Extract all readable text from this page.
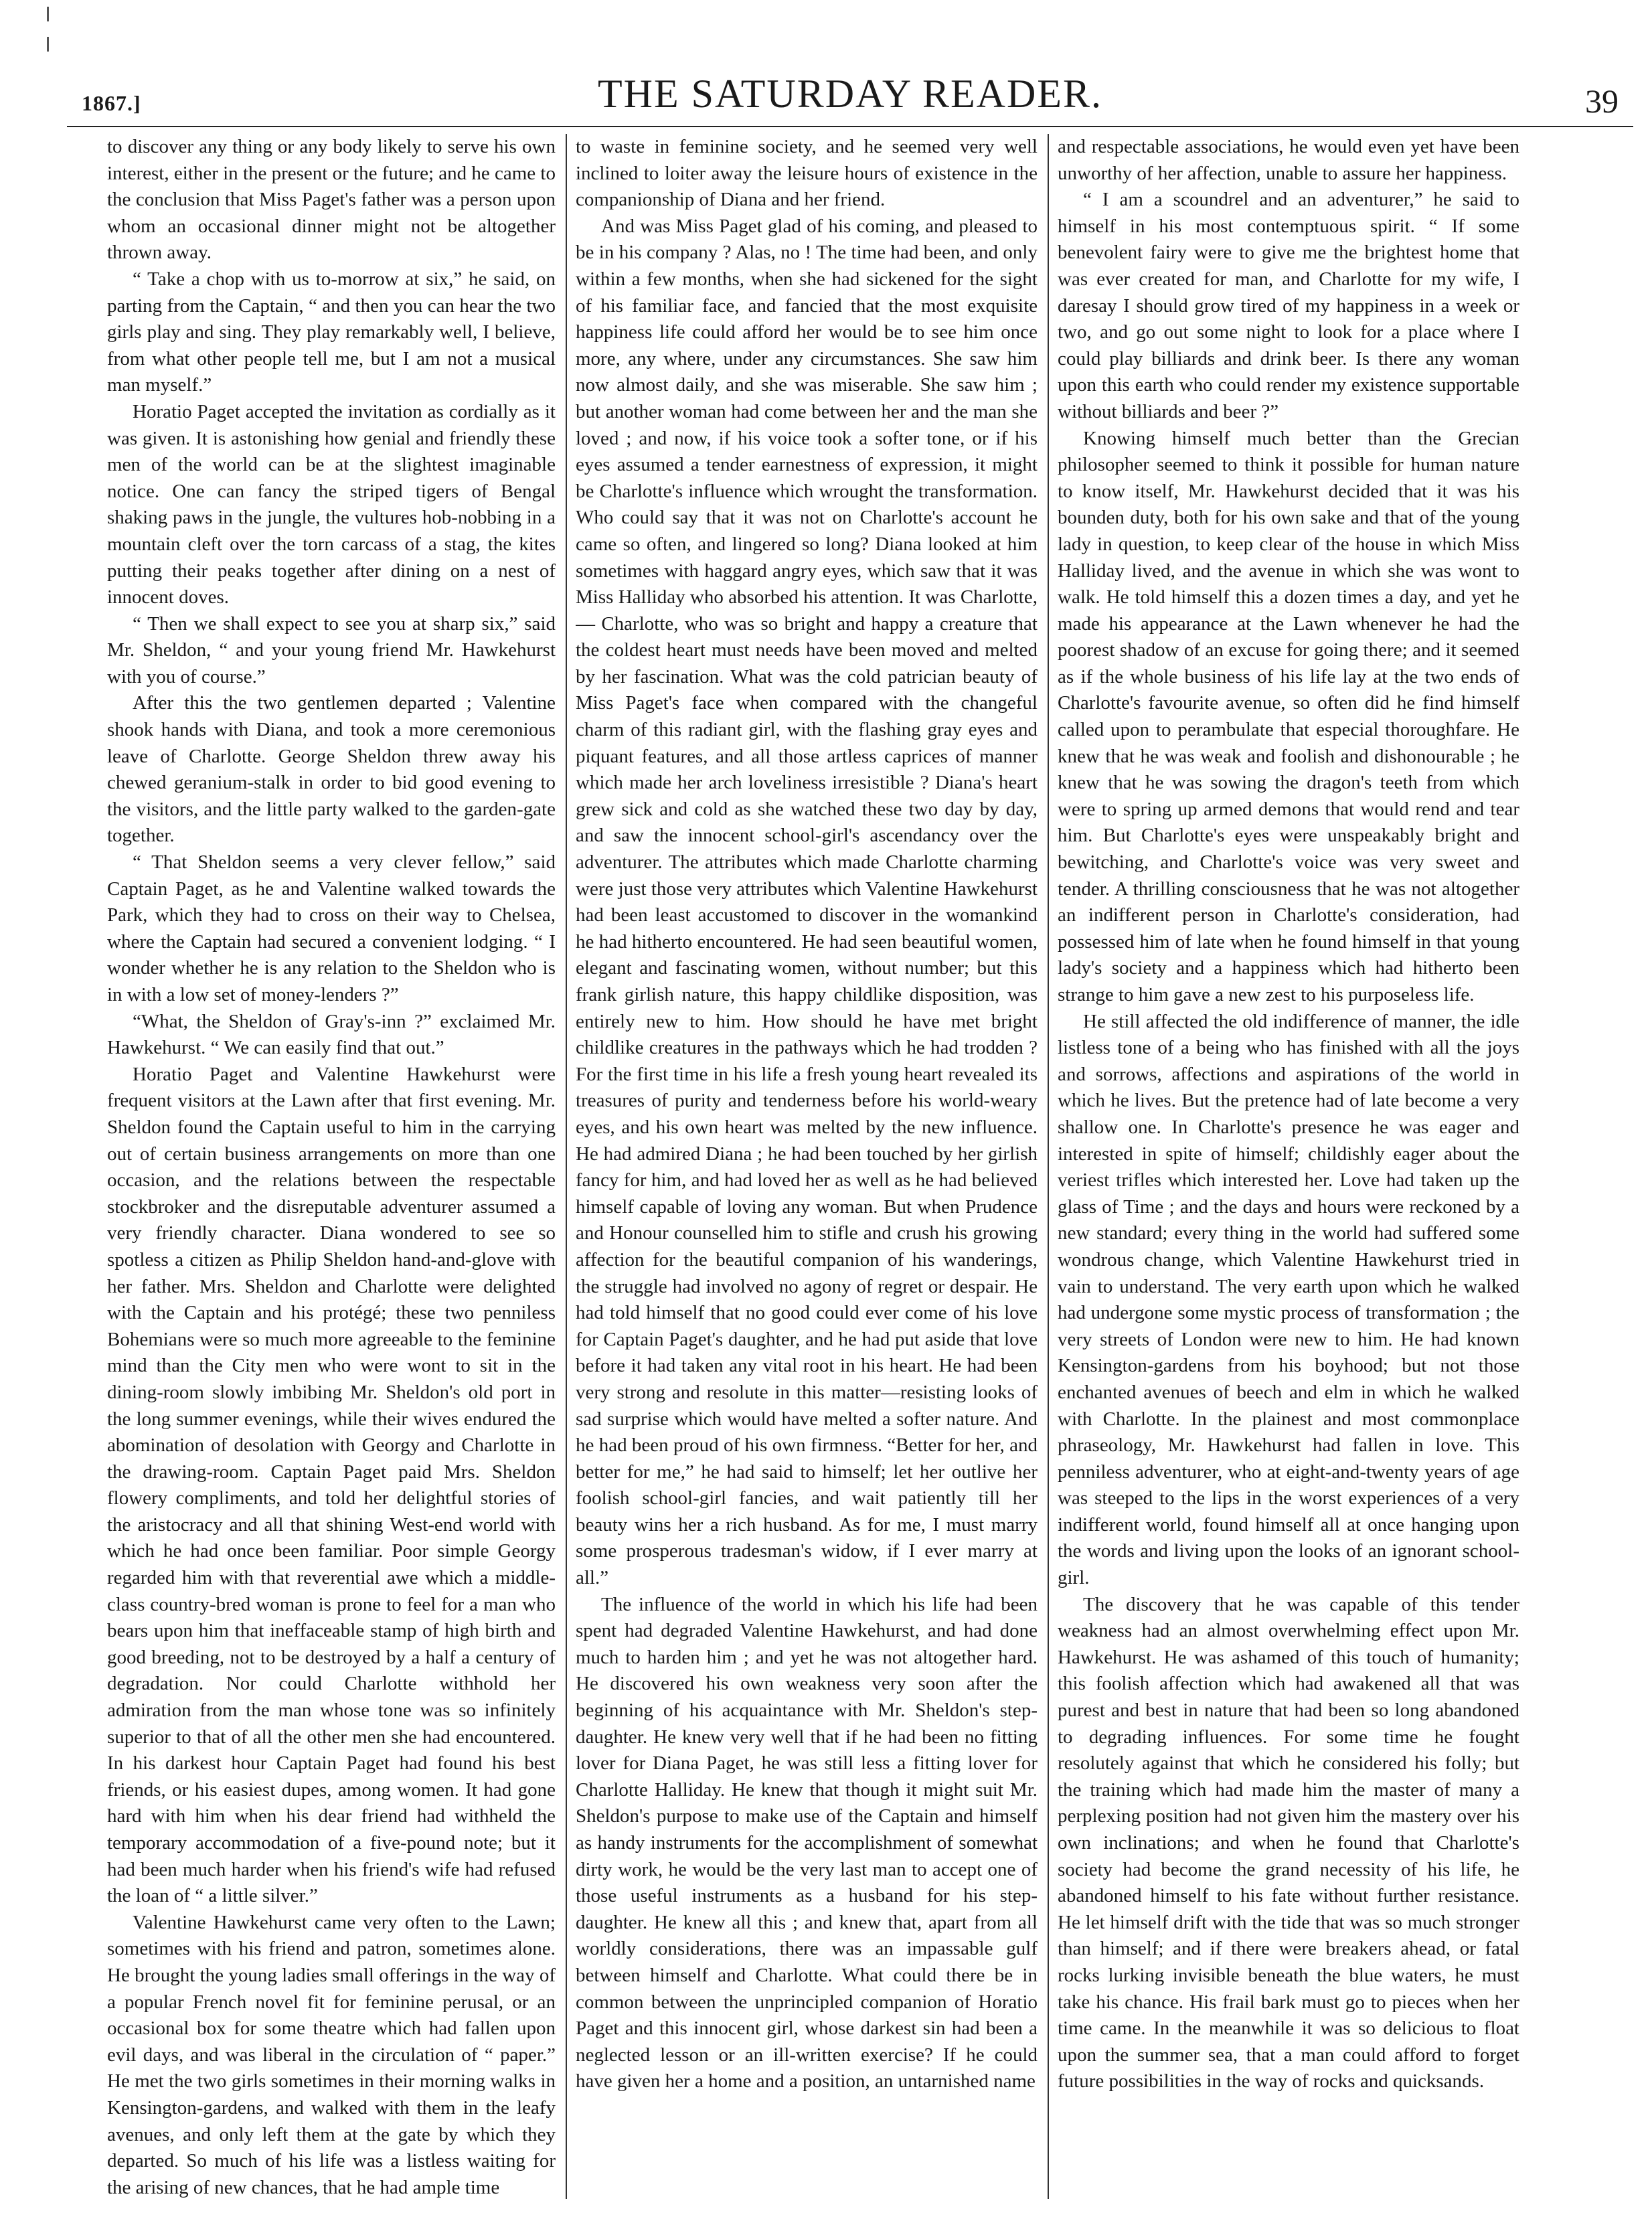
1867.]	THE SATURDAY READER.	39

to discover any thing or any body likely to serve his own interest, either in the present or the future; and he came to the conclusion that Miss Paget's father was a person upon whom an occasional dinner might not be altogether thrown away.

“ Take a chop with us to-morrow at six,” he said, on parting from the Captain, “ and then you can hear the two girls play and sing. They play remarkably well, I believe, from what other people tell me, but I am not a musical man myself.”

Horatio Paget accepted the invitation as cordially as it was given. It is astonishing how genial and friendly these men of the world can be at the slightest imaginable notice. One can fancy the striped tigers of Bengal shaking paws in the jungle, the vultures hob-nobbing in a mountain cleft over the torn carcass of a stag, the kites putting their peaks together after dining on a nest of innocent doves.

“ Then we shall expect to see you at sharp six,” said Mr. Sheldon, “ and your young friend Mr. Hawkehurst with you of course.”

After this the two gentlemen departed ; Valentine shook hands with Diana, and took a more ceremonious leave of Charlotte. George Sheldon threw away his chewed geranium-stalk in order to bid good evening to the visitors, and the little party walked to the garden-gate together.

“ That Sheldon seems a very clever fellow,” said Captain Paget, as he and Valentine walked towards the Park, which they had to cross on their way to Chelsea, where the Captain had secured a convenient lodging. “ I wonder whether he is any relation to the Sheldon who is in with a low set of money-lenders ?”

“What, the Sheldon of Gray's-inn ?” exclaimed Mr. Hawkehurst. “ We can easily find that out.”

Horatio Paget and Valentine Hawkehurst were frequent visitors at the Lawn after that first evening. Mr. Sheldon found the Captain useful to him in the carrying out of certain business arrangements on more than one occasion, and the relations between the respectable stockbroker and the disreputable adventurer assumed a very friendly character. Diana wondered to see so spotless a citizen as Philip Sheldon hand-and-glove with her father. Mrs. Sheldon and Charlotte were delighted with the Captain and his protégé; these two penniless Bohemians were so much more agreeable to the feminine mind than the City men who were wont to sit in the dining-room slowly imbibing Mr. Sheldon's old port in the long summer evenings, while their wives endured the abomination of desolation with Georgy and Charlotte in the drawing-room. Captain Paget paid Mrs. Sheldon flowery compliments, and told her delightful stories of the aristocracy and all that shining West-end world with which he had once been familiar. Poor simple Georgy regarded him with that reverential awe which a middle-class country-bred woman is prone to feel for a man who bears upon him that ineffaceable stamp of high birth and good breeding, not to be destroyed by a half a century of degradation. Nor could Charlotte withhold her admiration from the man whose tone was so infinitely superior to that of all the other men she had encountered. In his darkest hour Captain Paget had found his best friends, or his easiest dupes, among women. It had gone hard with him when his dear friend had withheld the temporary accommodation of a five-pound note; but it had been much harder when his friend's wife had refused the loan of “ a little silver.”

Valentine Hawkehurst came very often to the Lawn; sometimes with his friend and patron, sometimes alone. He brought the young ladies small offerings in the way of a popular French novel fit for feminine perusal, or an occasional box for some theatre which had fallen upon evil days, and was liberal in the circulation of “ paper.” He met the two girls sometimes in their morning walks in Kensington-gardens, and walked with them in the leafy avenues, and only left them at the gate by which they departed. So much of his life was a listless waiting for the arising of new chances, that he had ample time

to waste in feminine society, and he seemed very well inclined to loiter away the leisure hours of existence in the companionship of Diana and her friend.

And was Miss Paget glad of his coming, and pleased to be in his company ? Alas, no ! The time had been, and only within a few months, when she had sickened for the sight of his familiar face, and fancied that the most exquisite happiness life could afford her would be to see him once more, any where, under any circumstances. She saw him now almost daily, and she was miserable. She saw him ; but another woman had come between her and the man she loved ; and now, if his voice took a softer tone, or if his eyes assumed a tender earnestness of expression, it might be Charlotte's influence which wrought the transformation. Who could say that it was not on Charlotte's account he came so often, and lingered so long? Diana looked at him sometimes with haggard angry eyes, which saw that it was Miss Halliday who absorbed his attention. It was Charlotte,— Charlotte, who was so bright and happy a creature that the coldest heart must needs have been moved and melted by her fascination. What was the cold patrician beauty of Miss Paget's face when compared with the changeful charm of this radiant girl, with the flashing gray eyes and piquant features, and all those artless caprices of manner which made her arch loveliness irresistible ? Diana's heart grew sick and cold as she watched these two day by day, and saw the innocent school-girl's ascendancy over the adventurer. The attributes which made Charlotte charming were just those very attributes which Valentine Hawkehurst had been least accustomed to discover in the womankind he had hitherto encountered. He had seen beautiful women, elegant and fascinating women, without number; but this frank girlish nature, this happy childlike disposition, was entirely new to him. How should he have met bright childlike creatures in the pathways which he had trodden ? For the first time in his life a fresh young heart revealed its treasures of purity and tenderness before his world-weary eyes, and his own heart was melted by the new influence. He had admired Diana ; he had been touched by her girlish fancy for him, and had loved her as well as he had believed himself capable of loving any woman. But when Prudence and Honour counselled him to stifle and crush his growing affection for the beautiful companion of his wanderings, the struggle had involved no agony of regret or despair. He had told himself that no good could ever come of his love for Captain Paget's daughter, and he had put aside that love before it had taken any vital root in his heart. He had been very strong and resolute in this matter—resisting looks of sad surprise which would have melted a softer nature. And he had been proud of his own firmness. “Better for her, and better for me,” he had said to himself; let her outlive her foolish school-girl fancies, and wait patiently till her beauty wins her a rich husband. As for me, I must marry some prosperous tradesman's widow, if I ever marry at all.”

The influence of the world in which his life had been spent had degraded Valentine Hawkehurst, and had done much to harden him ; and yet he was not altogether hard. He discovered his own weakness very soon after the beginning of his acquaintance with Mr. Sheldon's step-daughter. He knew very well that if he had been no fitting lover for Diana Paget, he was still less a fitting lover for Charlotte Halliday. He knew that though it might suit Mr. Sheldon's purpose to make use of the Captain and himself as handy instruments for the accomplishment of somewhat dirty work, he would be the very last man to accept one of those useful instruments as a husband for his step-daughter. He knew all this ; and knew that, apart from all worldly considerations, there was an impassable gulf between himself and Charlotte. What could there be in common between the unprincipled companion of Horatio Paget and this innocent girl, whose darkest sin had been a neglected lesson or an ill-written exercise? If he could have given her a home and a position, an untarnished name

and respectable associations, he would even yet have been unworthy of her affection, unable to assure her happiness.

“ I am a scoundrel and an adventurer,” he said to himself in his most contemptuous spirit. “ If some benevolent fairy were to give me the brightest home that was ever created for man, and Charlotte for my wife, I daresay I should grow tired of my happiness in a week or two, and go out some night to look for a place where I could play billiards and drink beer. Is there any woman upon this earth who could render my existence supportable without billiards and beer ?”

Knowing himself much better than the Grecian philosopher seemed to think it possible for human nature to know itself, Mr. Hawkehurst decided that it was his bounden duty, both for his own sake and that of the young lady in question, to keep clear of the house in which Miss Halliday lived, and the avenue in which she was wont to walk. He told himself this a dozen times a day, and yet he made his appearance at the Lawn whenever he had the poorest shadow of an excuse for going there; and it seemed as if the whole business of his life lay at the two ends of Charlotte's favourite avenue, so often did he find himself called upon to perambulate that especial thoroughfare. He knew that he was weak and foolish and dishonourable ; he knew that he was sowing the dragon's teeth from which were to spring up armed demons that would rend and tear him. But Charlotte's eyes were unspeakably bright and bewitching, and Charlotte's voice was very sweet and tender. A thrilling consciousness that he was not altogether an indifferent person in Charlotte's consideration, had possessed him of late when he found himself in that young lady's society and a happiness which had hitherto been strange to him gave a new zest to his purposeless life.

He still affected the old indifference of manner, the idle listless tone of a being who has finished with all the joys and sorrows, affections and aspirations of the world in which he lives. But the pretence had of late become a very shallow one. In Charlotte's presence he was eager and interested in spite of himself; childishly eager about the veriest trifles which interested her. Love had taken up the glass of Time ; and the days and hours were reckoned by a new standard; every thing in the world had suffered some wondrous change, which Valentine Hawkehurst tried in vain to understand. The very earth upon which he walked had undergone some mystic process of transformation ; the very streets of London were new to him. He had known Kensington-gardens from his boyhood; but not those enchanted avenues of beech and elm in which he walked with Charlotte. In the plainest and most commonplace phraseology, Mr. Hawkehurst had fallen in love. This penniless adventurer, who at eight-and-twenty years of age was steeped to the lips in the worst experiences of a very indifferent world, found himself all at once hanging upon the words and living upon the looks of an ignorant school-girl.

The discovery that he was capable of this tender weakness had an almost overwhelming effect upon Mr. Hawkehurst. He was ashamed of this touch of humanity; this foolish affection which had awakened all that was purest and best in nature that had been so long abandoned to degrading influences. For some time he fought resolutely against that which he considered his folly; but the training which had made him the master of many a perplexing position had not given him the mastery over his own inclinations; and when he found that Charlotte's society had become the grand necessity of his life, he abandoned himself to his fate without further resistance. He let himself drift with the tide that was so much stronger than himself; and if there were breakers ahead, or fatal rocks lurking invisible beneath the blue waters, he must take his chance. His frail bark must go to pieces when her time came. In the meanwhile it was so delicious to float upon the summer sea, that a man could afford to forget future possibilities in the way of rocks and quicksands.
